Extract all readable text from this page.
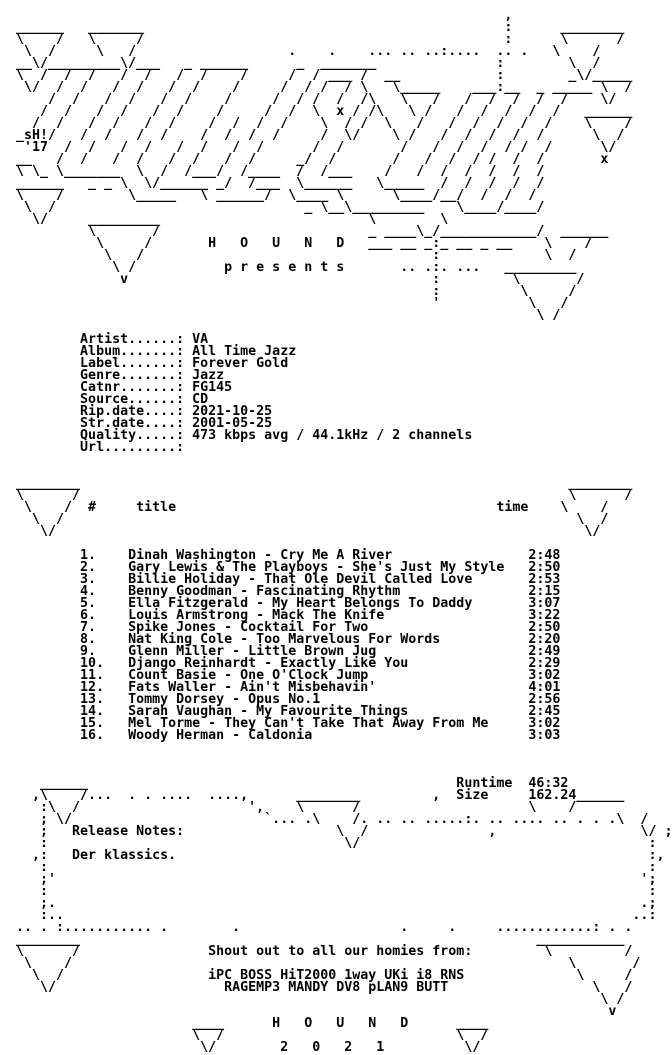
,
______   _______                                             :      ________
\    /   \     /                                             :      \      /
\  /     \   /                   .    .    ... .. ..:....  .. .   \    /
__\/_________\/___   _ ______      _  _______               :        \  /
\  /  /  /   /  /   /  /    /     /  / ___ /  __            :        _\/_____
\/  /  /   /  /   /  /    /     /  / /  / \   \_____    ___:__  _ _____ \  /
/  /   /  /   /  /    /     /  / /  /  /\   \   /   /  /  /  /  /    \/
/  /   /  /   /  /    /     /  /  \  x / /\   \ /   /  /  /  /  /   ______
/  /   /  /   /  /    /  /  /  /    \  / /  \   /   /  /  /  /  /    \    /
_sH!/   /  /   /  /    /  /  /  /     /  \/    \ /   /  /  /  /  /      \  /
'17  /  /   /  /   /  /   /  /      /  /       /   /  /  /  / /  /      \/
__   /  /   /  /   /  /   /  /     _/  /       /   /  /  / /  /  /       x
\ \_ \_______  \  /  /___/  /____  /  /___    /   /  /  /  /  /  /
______   _ _ \  \/______ _/  /___  \______   \_____  /  /  /  /  /
\    /        \_____   \ ______/  \____ \      \____/__/  /  /  /
\  /                               _ \__\_________    \____/____/
\/     _________                          \        \
\       /                          _ ____\_/____________/  ______
\     /       H   O   U   N   D   ___ __ _:_ __ _ __    \    /
\   /                                    :             \  /
\ /           p r e s e n t s       .. .:. ...   _________
v                                      :         \       /
:          \     /
'           \   /
\ /

Artist......: VA
Album.......: All Time Jazz
Label.......: Forever Gold
Genre.......: Jazz
Catnr.......: FG145
Source......: CD
Rip.date....: 2021-10-25
Str.date....: 2001-05-25
Quality.....: 473 kbps avg / 44.1kHz / 2 channels
Url.........:

________                                                             ________
\      /                                                             \      /
\    /  #     title                                        time    \    /
\  /                                                                \  /
\/                                                                  \/

1.    Dinah Washington - Cry Me A River                 2:48
2.    Gary Lewis & The Playboys - She's Just My Style   2:50
3.    Billie Holiday - That Ole Devil Called Love       2:53
4.    Benny Goodman - Fascinating Rhythm                2:15
5.    Ella Fitzgerald - My Heart Belongs To Daddy       3:07
6.    Louis Armstrong - Mack The Knife                  3:22
7.    Spike Jones - Cocktail For Two                    2:50
8.    Nat King Cole - Too Marvelous For Words           2:20
9.    Glenn Miller - Little Brown Jug                   2:49
10.   Django Reinhardt - Exactly Like You               2:29
11.   Count Basie - One O'Clock Jump                    3:02
12.   Fats Waller - Ain't Misbehavin'                   4:01
13.   Tommy Dorsey - Opus No.1                          2:56
14.   Sarah Vaughan - My Favourite Things               2:45
15.   Mel Torme - They Can't Take That Away From Me     3:02
16.   Woody Herman - Caldonia                           3:03

______                                              Runtime  46:32
,\    /...  . . ....  ....,      ________         ,  Size     162.24______
:\  /                     ',    \      /                     \    /
; \/                        `... .\    /. .. .. .....:. .. .... .. . . .\  /
;   Release Notes:                   \  /               ,                  \/ ;
:                                     \/                                    :
,:   Der klassics.                                                           :,
:                                                                           :
;'                                                                         ';
:                                                                           :
;.                                                                         .;
:..                                                                       ..:
.. . :........... .        .                    .     .     ............: . .
________                                                         ___________
\      /                Shout out to all our homies from:         \         /
\    /                                                              \       /
\  /                  iPC BOSS HiT2000 1way UKi i8 RNS              \     /
\/                     RAGEMP3 MANDY DV8 pLAN9 BUTT                  \   /
\ /
v
____      H   O   U   N   D      ____
\  /                             \  /
\/        2   0   2   1          \/
